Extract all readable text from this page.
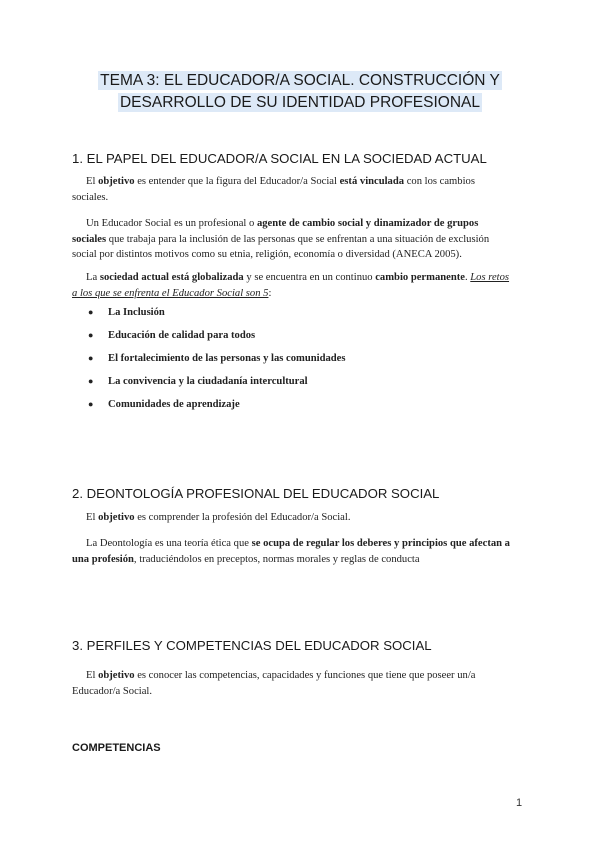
TEMA 3: EL EDUCADOR/A SOCIAL. CONSTRUCCIÓN Y
DESARROLLO DE SU IDENTIDAD PROFESIONAL
1. EL PAPEL DEL EDUCADOR/A SOCIAL EN LA SOCIEDAD ACTUAL
El objetivo es entender que la figura del Educador/a Social está vinculada con los cambios sociales.
Un Educador Social es un profesional o agente de cambio social y dinamizador de grupos sociales que trabaja para la inclusión de las personas que se enfrentan a una situación de exclusión social por distintos motivos como su etnia, religión, economía o diversidad (ANECA 2005).
La sociedad actual está globalizada y se encuentra en un continuo cambio permanente. Los retos a los que se enfrenta el Educador Social son 5:
● La Inclusión
● Educación de calidad para todos
● El fortalecimiento de las personas y las comunidades
● La convivencia y la ciudadanía intercultural
● Comunidades de aprendizaje
2. DEONTOLOGÍA PROFESIONAL DEL EDUCADOR SOCIAL
El objetivo es comprender la profesión del Educador/a Social.
La Deontología es una teoría ética que se ocupa de regular los deberes y principios que afectan a una profesión, traduciéndolos en preceptos, normas morales y reglas de conducta
3. PERFILES Y COMPETENCIAS DEL EDUCADOR SOCIAL
El objetivo es conocer las competencias, capacidades y funciones que tiene que poseer un/a Educador/a Social.
COMPETENCIAS
1
